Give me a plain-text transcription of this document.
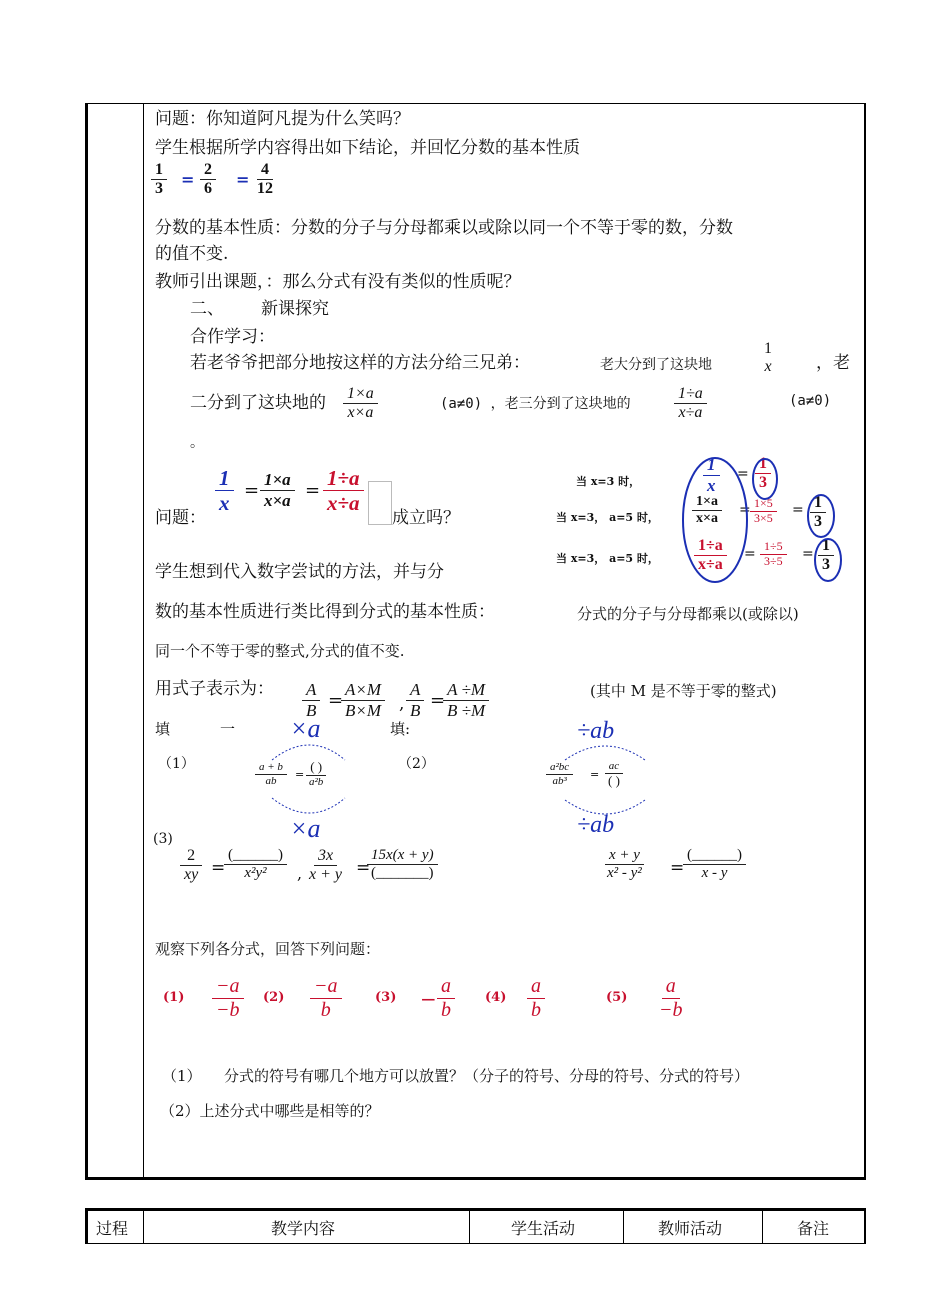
问题：你知道阿凡提为什么笑吗？
学生根据所学内容得出如下结论，并回忆分数的基本性质
$\frac{1}{3} = \frac{2}{6} = \frac{4}{12}$
分数的基本性质：分数的分子与分母都乘以或除以同一个不等于零的数，分数
的值不变.
教师引出课题，：那么分式有没有类似的性质呢？
二、 新课探究
合作学习：
若老爷爷把部分地按这样的方法分给三兄弟：	老大分到了这块地
1
x	，老
二分到了这块地的 $\frac{1\times a}{x\times a}$	(a≠0) ，老三分到了这块地的	$\frac{1\div a}{x\div a}$	(a≠0)
。
问题：
$\frac{1}{x} = \frac{1\times a}{x\times a} = \frac{1\div a}{x\div a}$
成立吗？
当 x=3 时，
当 x=3， a=5 时，
当 x=3， a=5 时，
$\frac{1}{x} = \frac{1}{3}$
$\frac{1\times a}{x\times a} = \frac{1\times 5}{3\times 5} = \frac{1}{3}$
$\frac{1\div a}{x\div a} = \frac{1\div 5}{3\div 5} = \frac{1}{3}$
学生想到代入数字尝试的方法，并与分
数的基本性质进行类比得到分式的基本性质：	分式的分子与分母都乘以(或除以)
同一个不等于零的整式,分式的值不变.
用式子表示为： $\frac{A}{B}$ =
$\frac{A\times M}{B\times M}$ , $\frac{A}{B}$ =
$\frac{A \div M}{B \div M}$	(其中 M 是不等于零的整式)
填	一	填:
（1）
×a
$\frac{a + b}{ab}$ =
( )
a²b
×a
（2）
÷ab
$\frac{\text{a²bc}}{\text{ab³}}$ =
ac
( )
÷ab
(3)
$\frac{2}{xy}$ =
(______)
x²y² , $\frac{3x}{x + y}$ =
15x(x + y)
(_______)	$\frac{x + y}{\text{x² - y²}}$ =
(______)
x - y
观察下列各分式，回答下列问题：
$(1) \frac{-a}{-b} (2) \frac{-a}{b}$	$(3) - \frac{a}{b} (4) \frac{a}{b}$	$(5) \frac{a}{-b}$
（1） 分式的符号有哪几个地方可以放置？（分子的符号、分母的符号、分式的符号）
（2）上述分式中哪些是相等的？
过程	教学内容	学生活动	教师活动	备注
